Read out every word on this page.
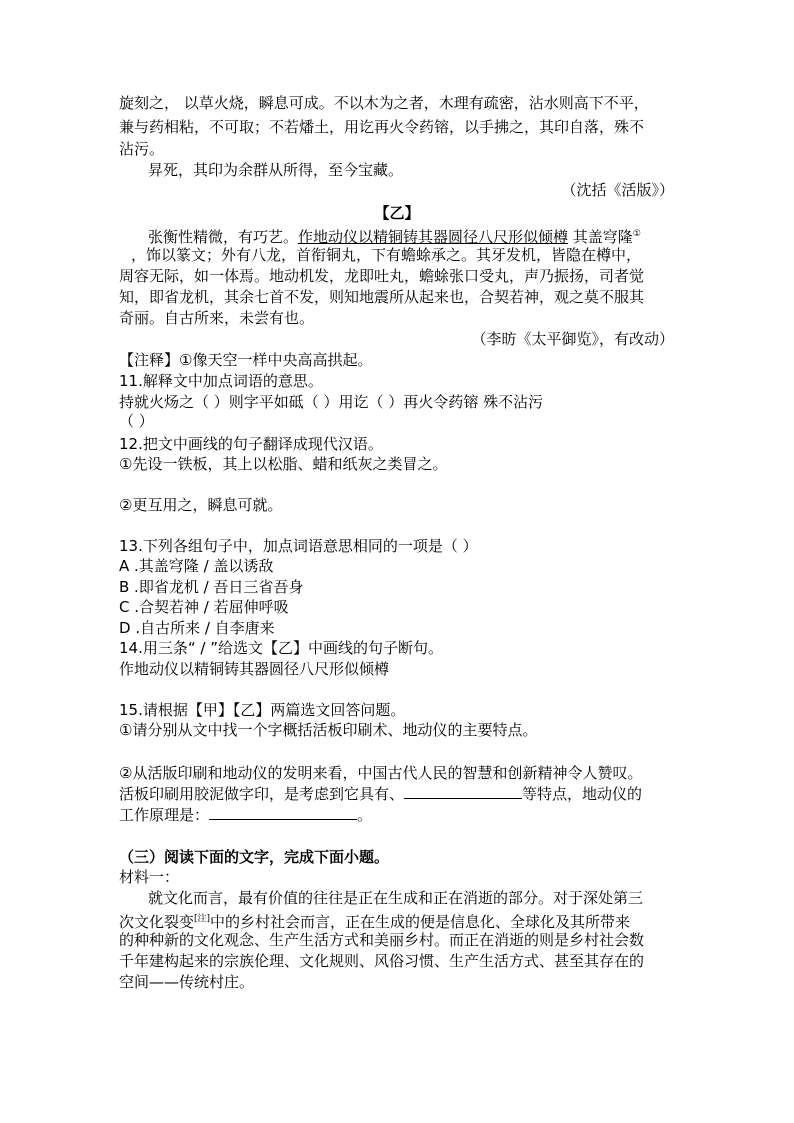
旋刻之， 以草火烧，瞬息可成。不以木为之者，木理有疏密，沾水则高下不平，
兼与药相粘，不可取；不若燔土，用讫再火令药镕，以手拂之，其印自落，殊不
沾污。
昇死，其印为余群从所得，至今宝藏。
（沈括《活版》）
【乙】
张衡性精微，有巧艺。作地动仪以精铜铸其器圆径八尺形似倾樽 其盖穹隆①
，饰以篆文；外有八龙，首衔铜丸，下有蟾蜍承之。其牙发机，皆隐在樽中，
周容无际，如一体焉。地动机发，龙即吐丸，蟾蜍张口受丸，声乃振扬，司者觉
知，即省龙机，其余七首不发，则知地震所从起来也，合契若神，观之莫不服其
奇丽。自古所来，未尝有也。
（李昉《太平御览》，有改动）
【注释】①像天空一样中央高高拱起。
11.解释文中加点词语的意思。
持就火炀之（ ）则字平如砥（ ）用讫（ ）再火令药镕 殊不沾污
（ ）
12.把文中画线的句子翻译成现代汉语。
①先设一铁板，其上以松脂、蜡和纸灰之类冒之。
②更互用之，瞬息可就。
13.下列各组句子中，加点词语意思相同的一项是（ ）
A .其盖穹隆 / 盖以诱敌
B .即省龙机 / 吾日三省吾身
C .合契若神 / 若屈伸呼吸
D .自古所来 / 自李唐来
14.用三条“ / ”给选文【乙】中画线的句子断句。
作地动仪以精铜铸其器圆径八尺形似倾樽
15.请根据【甲】【乙】两篇选文回答问题。
①请分别从文中找一个字概括活板印刷术、地动仪的主要特点。
②从活版印刷和地动仪的发明来看，中国古代人民的智慧和创新精神令人赞叹。
活板印刷用胶泥做字印，是考虑到它具有、	等特点，地动仪的
工作原理是：	。
（三）阅读下面的文字，完成下面小题。
材料一：
就文化而言，最有价值的往往是正在生成和正在消逝的部分。对于深处第三
次文化裂变[注]中的乡村社会而言，正在生成的便是信息化、全球化及其所带来
的种种新的文化观念、生产生活方式和美丽乡村。而正在消逝的则是乡村社会数
千年建构起来的宗族伦理、文化规则、风俗习惯、生产生活方式、甚至其存在的
空间——传统村庄。
